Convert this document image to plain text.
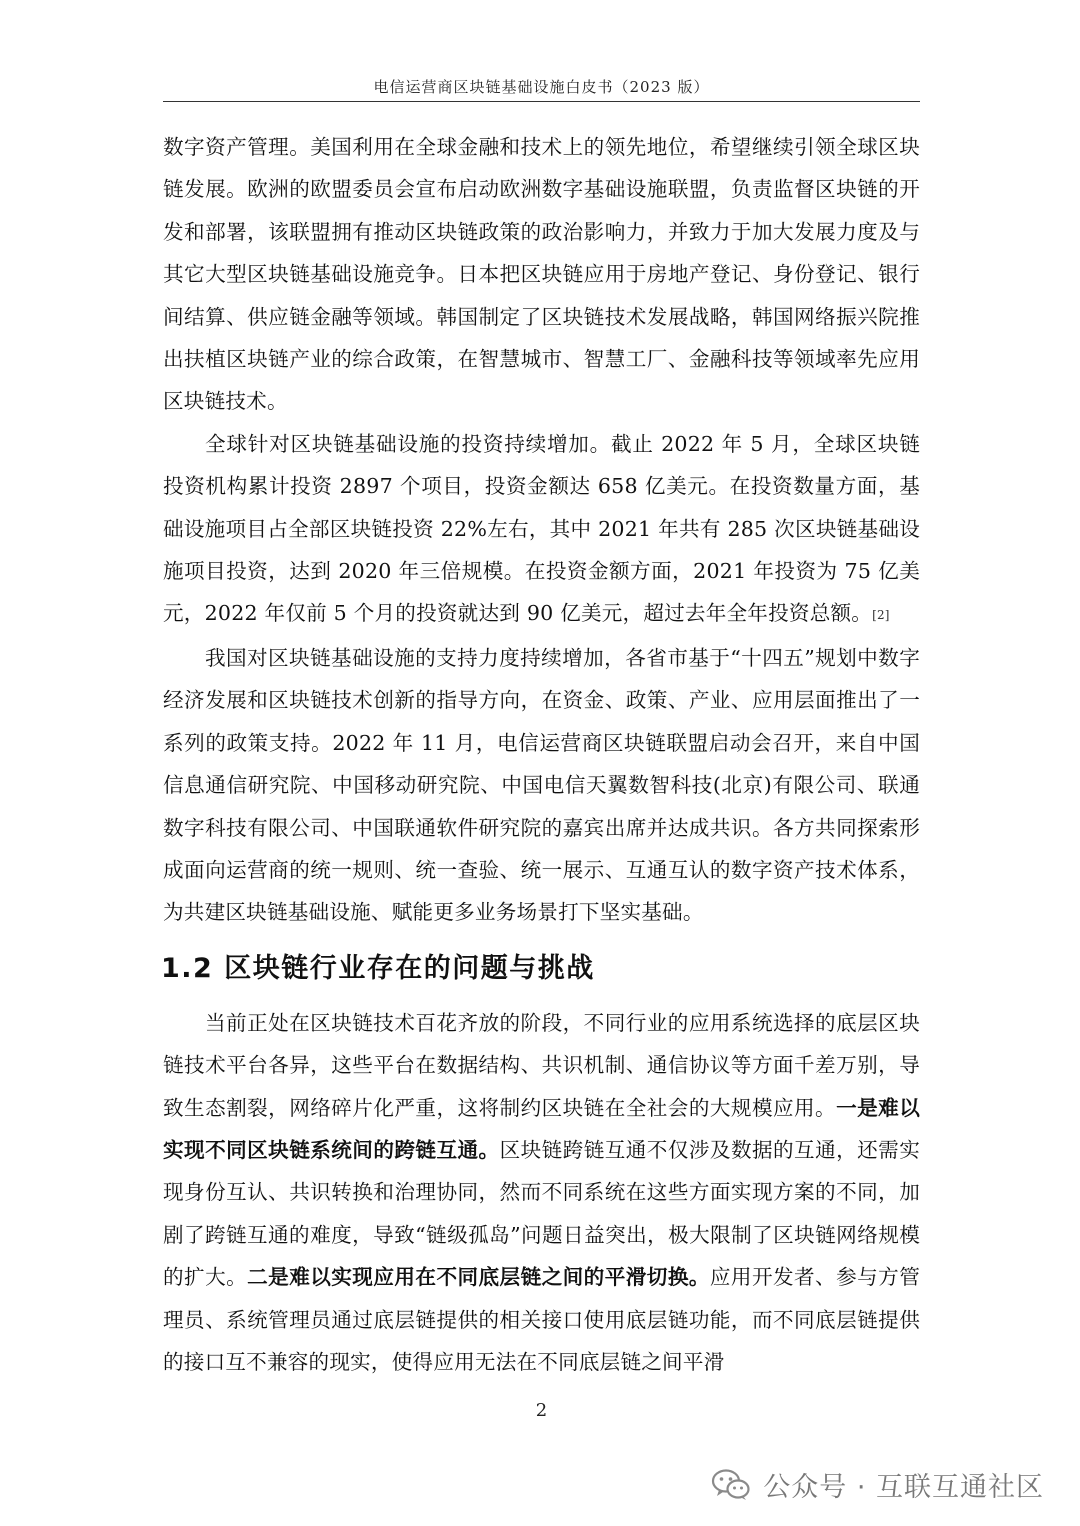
电信运营商区块链基础设施白皮书（2023 版）

数字资产管理。美国利用在全球金融和技术上的领先地位，希望继续引领全球区块链发展。欧洲的欧盟委员会宣布启动欧洲数字基础设施联盟，负责监督区块链的开发和部署，该联盟拥有推动区块链政策的政治影响力，并致力于加大发展力度及与其它大型区块链基础设施竞争。日本把区块链应用于房地产登记、身份登记、银行间结算、供应链金融等领域。韩国制定了区块链技术发展战略，韩国网络振兴院推出扶植区块链产业的综合政策，在智慧城市、智慧工厂、金融科技等领域率先应用区块链技术。

全球针对区块链基础设施的投资持续增加。截止 2022 年 5 月，全球区块链投资机构累计投资 2897 个项目，投资金额达 658 亿美元。在投资数量方面，基础设施项目占全部区块链投资 22%左右，其中 2021 年共有 285 次区块链基础设施项目投资，达到 2020 年三倍规模。在投资金额方面，2021 年投资为 75 亿美元，2022 年仅前 5 个月的投资就达到 90 亿美元，超过去年全年投资总额。[2]

我国对区块链基础设施的支持力度持续增加，各省市基于“十四五”规划中数字经济发展和区块链技术创新的指导方向，在资金、政策、产业、应用层面推出了一系列的政策支持。2022 年 11 月，电信运营商区块链联盟启动会召开，来自中国信息通信研究院、中国移动研究院、中国电信天翼数智科技(北京)有限公司、联通数字科技有限公司、中国联通软件研究院的嘉宾出席并达成共识。各方共同探索形成面向运营商的统一规则、统一查验、统一展示、互通互认的数字资产技术体系，为共建区块链基础设施、赋能更多业务场景打下坚实基础。

1.2 区块链行业存在的问题与挑战

当前正处在区块链技术百花齐放的阶段，不同行业的应用系统选择的底层区块链技术平台各异，这些平台在数据结构、共识机制、通信协议等方面千差万别，导致生态割裂，网络碎片化严重，这将制约区块链在全社会的大规模应用。一是难以实现不同区块链系统间的跨链互通。区块链跨链互通不仅涉及数据的互通，还需实现身份互认、共识转换和治理协同，然而不同系统在这些方面实现方案的不同，加剧了跨链互通的难度，导致“链级孤岛”问题日益突出，极大限制了区块链网络规模的扩大。二是难以实现应用在不同底层链之间的平滑切换。应用开发者、参与方管理员、系统管理员通过底层链提供的相关接口使用底层链功能，而不同底层链提供的接口互不兼容的现实，使得应用无法在不同底层链之间平滑

2
公众号 · 互联互通社区
